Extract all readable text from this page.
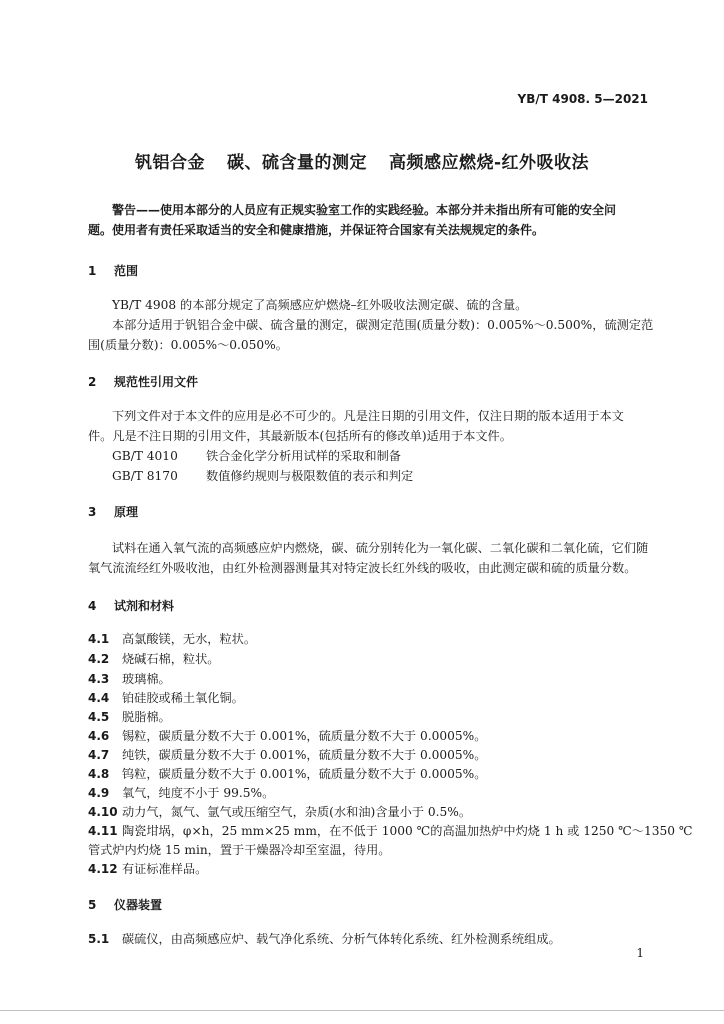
YB/T 4908. 5—2021
钒铝合金 碳、硫含量的测定 高频感应燃烧-红外吸收法
警告——使用本部分的人员应有正规实验室工作的实践经验。本部分并未指出所有可能的安全问
题。使用者有责任采取适当的安全和健康措施，并保证符合国家有关法规规定的条件。
1 范围
YB/T 4908 的本部分规定了高频感应炉燃烧–红外吸收法测定碳、硫的含量。
本部分适用于钒铝合金中碳、硫含量的测定，碳测定范围(质量分数)：0.005%～0.500%，硫测定范
围(质量分数)：0.005%～0.050%。
2 规范性引用文件
下列文件对于本文件的应用是必不可少的。凡是注日期的引用文件，仅注日期的版本适用于本文
件。凡是不注日期的引用文件，其最新版本(包括所有的修改单)适用于本文件。
GB/T 4010 铁合金化学分析用试样的采取和制备
GB/T 8170 数值修约规则与极限数值的表示和判定
3 原理
试料在通入氧气流的高频感应炉内燃烧，碳、硫分别转化为一氧化碳、二氧化碳和二氧化硫，它们随
氧气流流经红外吸收池，由红外检测器测量其对特定波长红外线的吸收，由此测定碳和硫的质量分数。
4 试剂和材料
4.1 高氯酸镁，无水，粒状。
4.2 烧碱石棉，粒状。
4.3 玻璃棉。
4.4 铂硅胶或稀土氧化铜。
4.5 脱脂棉。
4.6 锡粒，碳质量分数不大于 0.001%，硫质量分数不大于 0.0005%。
4.7 纯铁，碳质量分数不大于 0.001%，硫质量分数不大于 0.0005%。
4.8 钨粒，碳质量分数不大于 0.001%，硫质量分数不大于 0.0005%。
4.9 氧气，纯度不小于 99.5%。
4.10 动力气，氮气、氩气或压缩空气，杂质(水和油)含量小于 0.5%。
4.11 陶瓷坩埚，φ×h，25 mm×25 mm，在不低于 1000 ℃的高温加热炉中灼烧 1 h 或 1250 ℃～1350 ℃
管式炉内灼烧 15 min，置于干燥器冷却至室温，待用。
4.12 有证标准样品。
5 仪器装置
5.1 碳硫仪，由高频感应炉、载气净化系统、分析气体转化系统、红外检测系统组成。
1
